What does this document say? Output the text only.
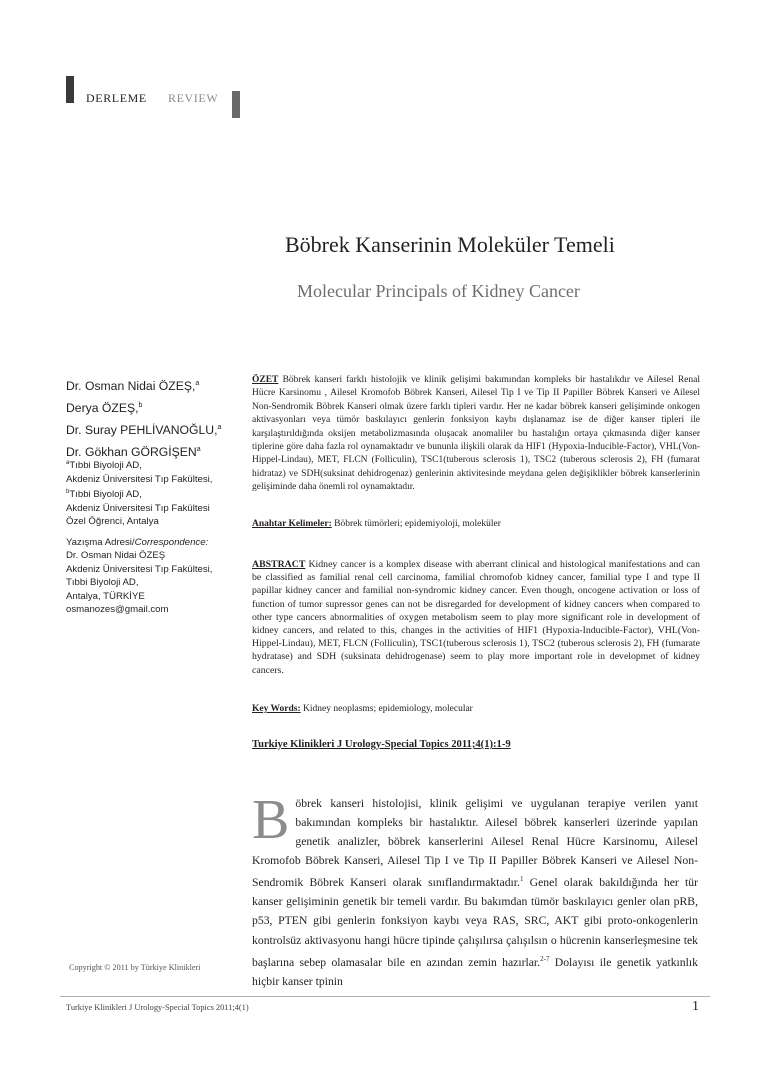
DERLEME REVIEW
Böbrek Kanserinin Moleküler Temeli
Molecular Principals of Kidney Cancer
Dr. Osman Nidai ÖZEŞ,$^a$
Derya ÖZEŞ,$^b$
Dr. Suray PEHLİVANOĞLU,$^a$
Dr. Gökhan GÖRGİŞEN$^a$
$^a$Tıbbi Biyoloji AD,
Akdeniz Üniversitesi Tıp Fakültesi,
$^b$Tıbbi Biyoloji AD,
Akdeniz Üniversitesi Tıp Fakültesi
Özel Öğrenci, Antalya
Yazışma Adresi/Correspondence:
Dr. Osman Nidai ÖZEŞ
Akdeniz Üniversitesi Tıp Fakültesi,
Tıbbi Biyoloji AD,
Antalya, TÜRKİYE
osmanozes@gmail.com
Copyright © 2011 by Türkiye Klinikleri
ÖZET Böbrek kanseri farklı histolojik ve klinik gelişimi bakımından kompleks bir hastalıkdır ve Ailesel Renal Hücre Karsinomu , Ailesel Kromofob Böbrek Kanseri, Ailesel Tip I ve Tip II Papiller Böbrek Kanseri ve Ailesel Non-Sendromik Böbrek Kanseri olmak üzere farklı tipleri vardır. Her ne kadar böbrek kanseri gelişiminde onkogen aktivasyonları veya tümör baskılayıcı genlerin fonksiyon kaybı dışlanamaz ise de diğer kanser tipleri ile karşılaştırıldığında oksijen metabolizmasında oluşacak anomaliler bu hastalığın ortaya çıkmasında diğer kanser tiplerine göre daha fazla rol oynamaktadır ve bununla ilişkili olarak da HIF1 (Hypoxia-Inducible-Factor), VHL(Von-Hippel-Lindau), MET, FLCN (Folliculin), TSC1(tuberous sclerosis 1), TSC2 (tuberous sclerosis 2), FH (fumarat hidrataz) ve SDH(suksinat dehidrogenaz) genlerinin aktivitesinde meydana gelen değişiklikler böbrek kanserlerinin gelişiminde daha önemli rol oynamaktadır.
Anahtar Kelimeler: Böbrek tümörleri; epidemiyoloji, moleküler
ABSTRACT Kidney cancer is a komplex disease with aberrant clinical and histological manifestations and can be classified as familial renal cell carcinoma, familial chromofob kidney cancer, familial type I and type II papillar kidney cancer and familial non-syndromic kidney cancer. Even though, oncogene activation or loss of function of tumor supressor genes can not be disregarded for development of kidney cancers when compared to other type cancers abnormalities of oxygen metabolism seem to play more significant role in development of kidney cancers, and related to this, changes in the activities of HIF1 (Hypoxia-Inducible-Factor), VHL(Von-Hippel-Lindau), MET, FLCN (Folliculin), TSC1(tuberous sclerosis 1), TSC2 (tuberous sclerosis 2), FH (fumarate hydratase) and SDH (suksinata dehidrogenase) seem to play more important role in developmet of kidney cancers.
Key Words: Kidney neoplasms; epidemiology, molecular
Turkiye Klinikleri J Urology-Special Topics 2011;4(1):1-9
Böbrek kanseri histolojisi, klinik gelişimi ve uygulanan terapiye verilen yanıt bakımından kompleks bir hastalıktır. Ailesel böbrek kanserleri üzerinde yapılan genetik analizler, böbrek kanserlerini Ailesel Renal Hücre Karsinomu, Ailesel Kromofob Böbrek Kanseri, Ailesel Tip I ve Tip II Papiller Böbrek Kanseri ve Ailesel Non-Sendromik Böbrek Kanseri olarak sınıflandırmaktadır.$^1$ Genel olarak bakıldığında her tür kanser gelişiminin genetik bir temeli vardır. Bu bakımdan tümör baskılayıcı genler olan pRB, p53, PTEN gibi genlerin fonksiyon kaybı veya RAS, SRC, AKT gibi proto-onkogenlerin kontrolsüz aktivasyonu hangi hücre tipinde çalışılırsa çalışılsın o hücrenin kanserleşmesine tek başlarına sebep olamasalar bile en azından zemin hazırlar.$^{2-7}$ Dolayısı ile genetik yatkınlık hiçbir kanser tpinin
Turkiye Klinikleri J Urology-Special Topics 2011;4(1)	1
